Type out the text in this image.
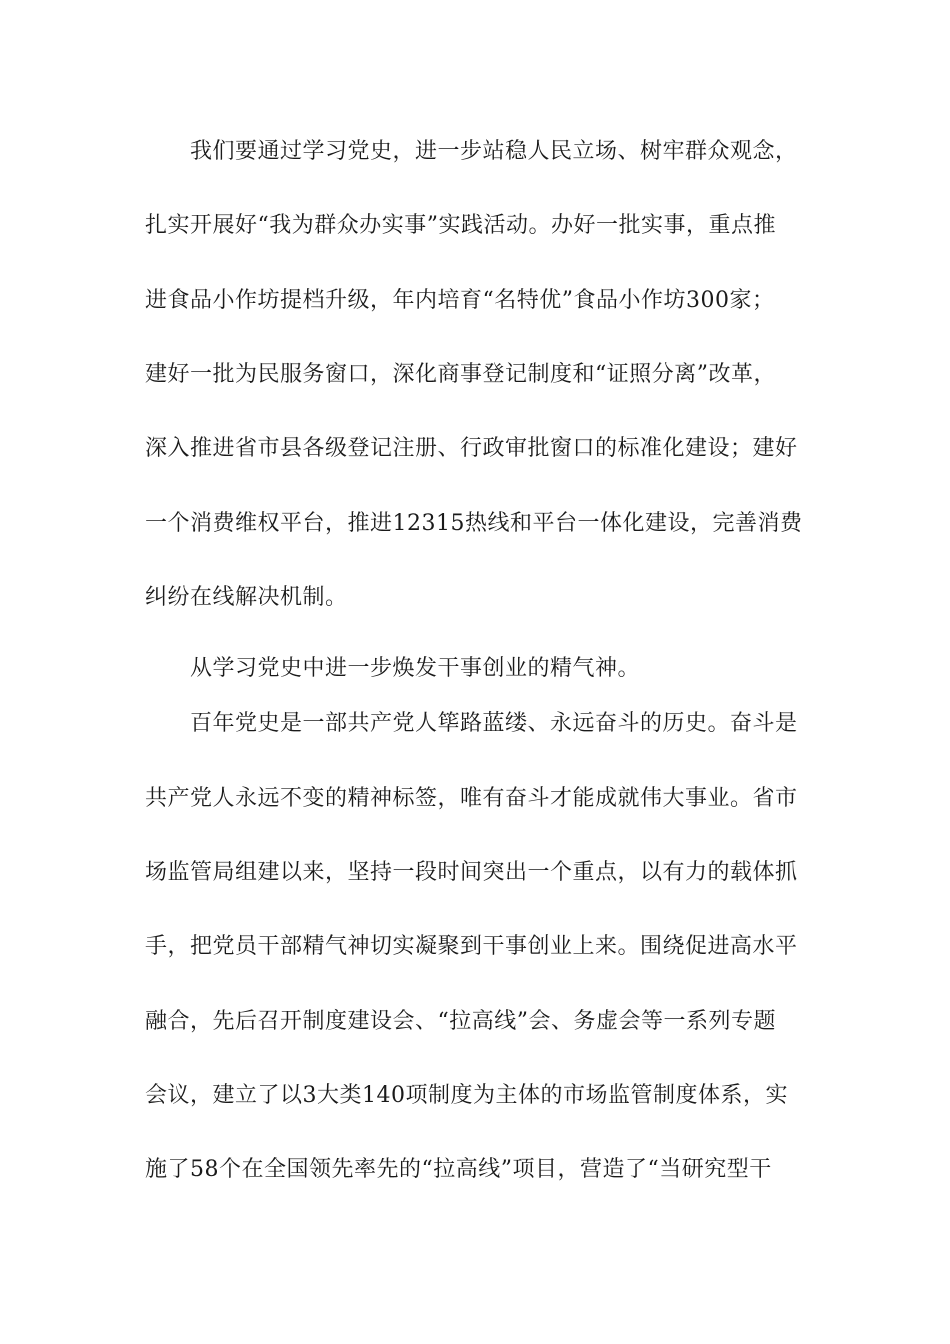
我们要通过学习党史，进一步站稳人民立场、树牢群众观念，
扎实开展好“我为群众办实事”实践活动。办好一批实事，重点推
进食品小作坊提档升级，年内培育“名特优”食品小作坊300家；
建好一批为民服务窗口，深化商事登记制度和“证照分离”改革，
深入推进省市县各级登记注册、行政审批窗口的标准化建设；建好
一个消费维权平台，推进12315热线和平台一体化建设，完善消费
纠纷在线解决机制。
从学习党史中进一步焕发干事创业的精气神。
百年党史是一部共产党人筚路蓝缕、永远奋斗的历史。奋斗是
共产党人永远不变的精神标签，唯有奋斗才能成就伟大事业。省市
场监管局组建以来，坚持一段时间突出一个重点，以有力的载体抓
手，把党员干部精气神切实凝聚到干事创业上来。围绕促进高水平
融合，先后召开制度建设会、“拉高线”会、务虚会等一系列专题
会议，建立了以3大类140项制度为主体的市场监管制度体系，实
施了58个在全国领先率先的“拉高线”项目，营造了“当研究型干
